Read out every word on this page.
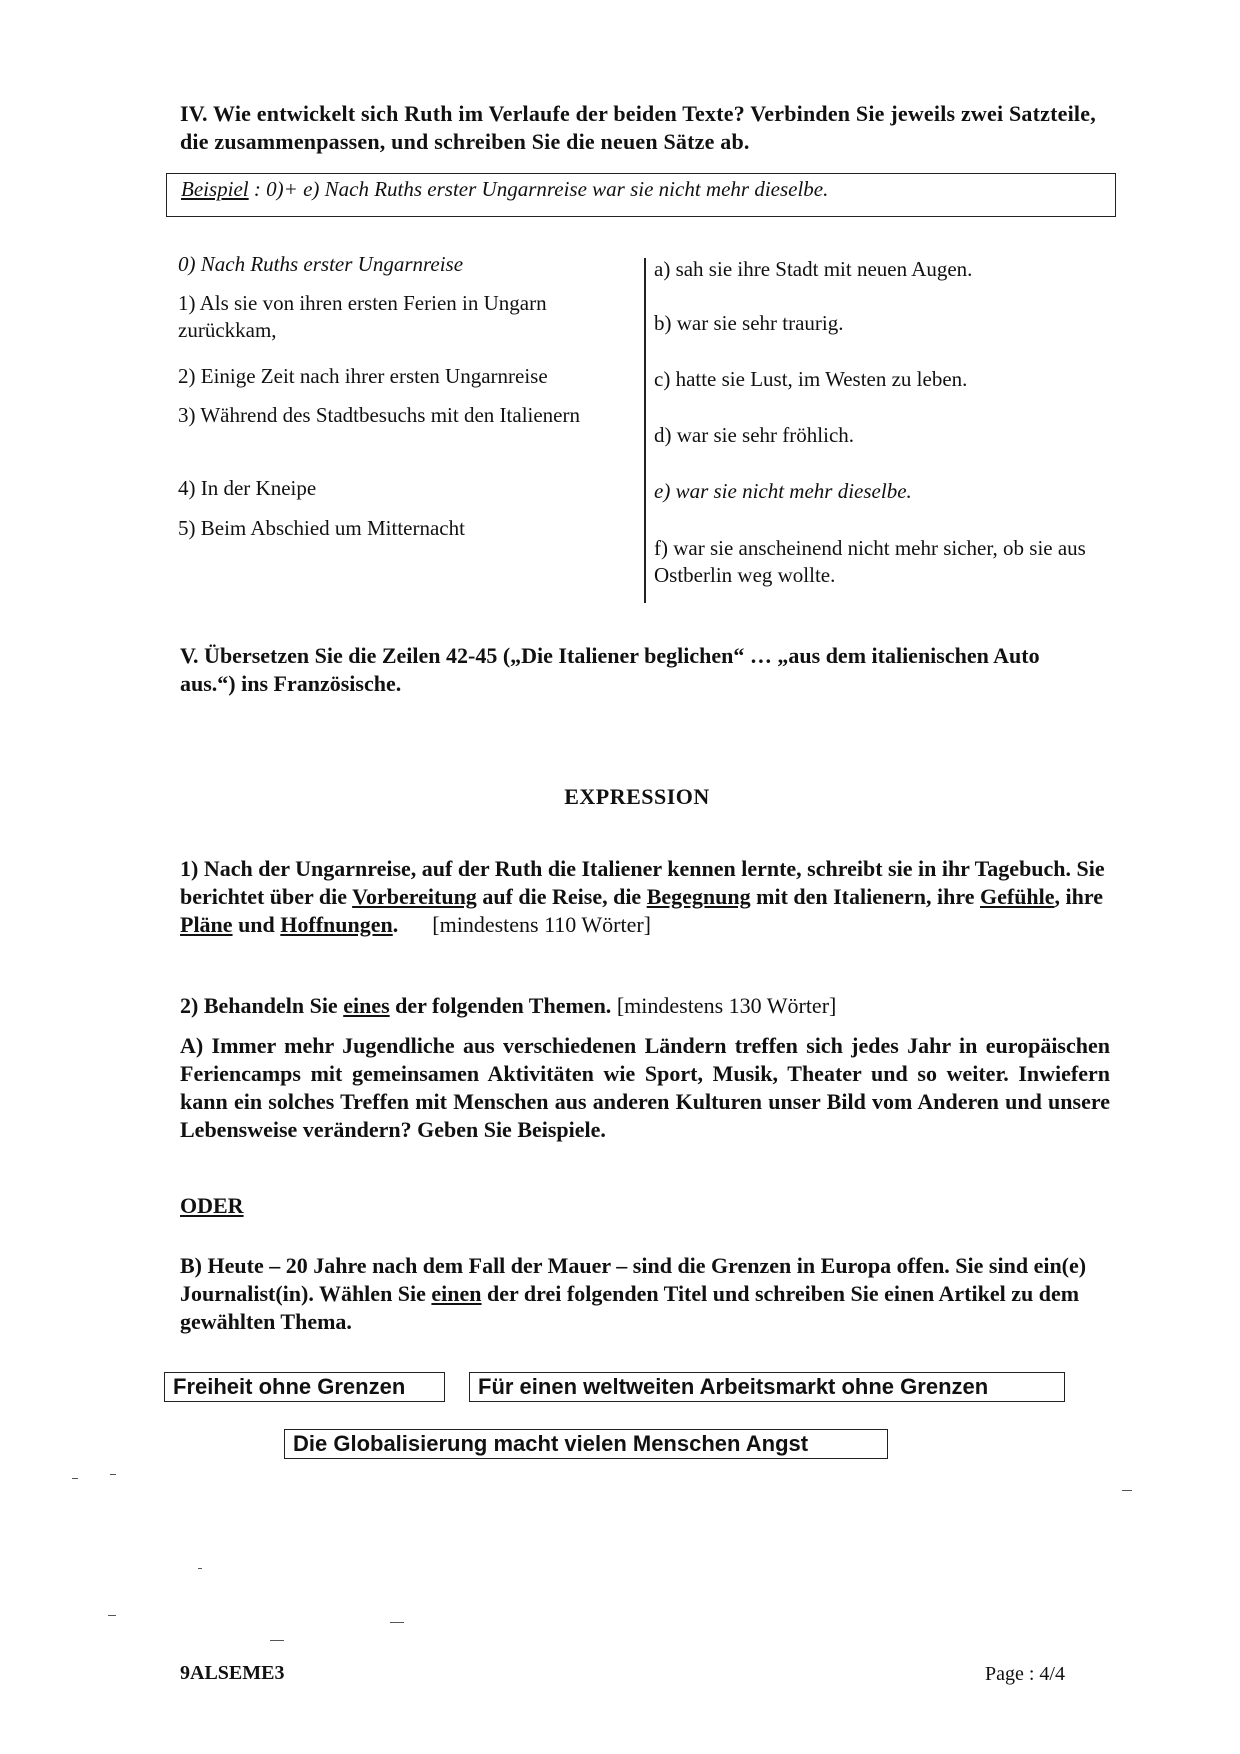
IV. Wie entwickelt sich Ruth im Verlaufe der beiden Texte? Verbinden Sie jeweils zwei Satzteile, die zusammenpassen, und schreiben Sie die neuen Sätze ab.
Beispiel : 0)+ e) Nach Ruths erster Ungarnreise war sie nicht mehr dieselbe.
0) Nach Ruths erster Ungarnreise
1) Als sie von ihren ersten Ferien in Ungarn zurückkam,
2) Einige Zeit nach ihrer ersten Ungarnreise
3) Während des Stadtbesuchs mit den Italienern
4) In der Kneipe
5) Beim Abschied um Mitternacht
a) sah sie ihre Stadt mit neuen Augen.
b) war sie sehr traurig.
c) hatte sie Lust, im Westen zu leben.
d) war sie sehr fröhlich.
e) war sie nicht mehr dieselbe.
f) war sie anscheinend nicht mehr sicher, ob sie aus Ostberlin weg wollte.
V. Übersetzen Sie die Zeilen 42-45 („Die Italiener beglichen“ … „aus dem italienischen Auto aus.“) ins Französische.
EXPRESSION
1) Nach der Ungarnreise, auf der Ruth die Italiener kennen lernte, schreibt sie in ihr Tagebuch. Sie berichtet über die Vorbereitung auf die Reise, die Begegnung mit den Italienern, ihre Gefühle, ihre Pläne und Hoffnungen. [mindestens 110 Wörter]
2) Behandeln Sie eines der folgenden Themen. [mindestens 130 Wörter]
A) Immer mehr Jugendliche aus verschiedenen Ländern treffen sich jedes Jahr in europäischen Feriencamps mit gemeinsamen Aktivitäten wie Sport, Musik, Theater und so weiter. Inwiefern kann ein solches Treffen mit Menschen aus anderen Kulturen unser Bild vom Anderen und unsere Lebensweise verändern? Geben Sie Beispiele.
ODER
B) Heute – 20 Jahre nach dem Fall der Mauer – sind die Grenzen in Europa offen. Sie sind ein(e) Journalist(in). Wählen Sie einen der drei folgenden Titel und schreiben Sie einen Artikel zu dem gewählten Thema.
Freiheit ohne Grenzen	Für einen weltweiten Arbeitsmarkt ohne Grenzen
Die Globalisierung macht vielen Menschen Angst
9ALSEME3	Page : 4/4
